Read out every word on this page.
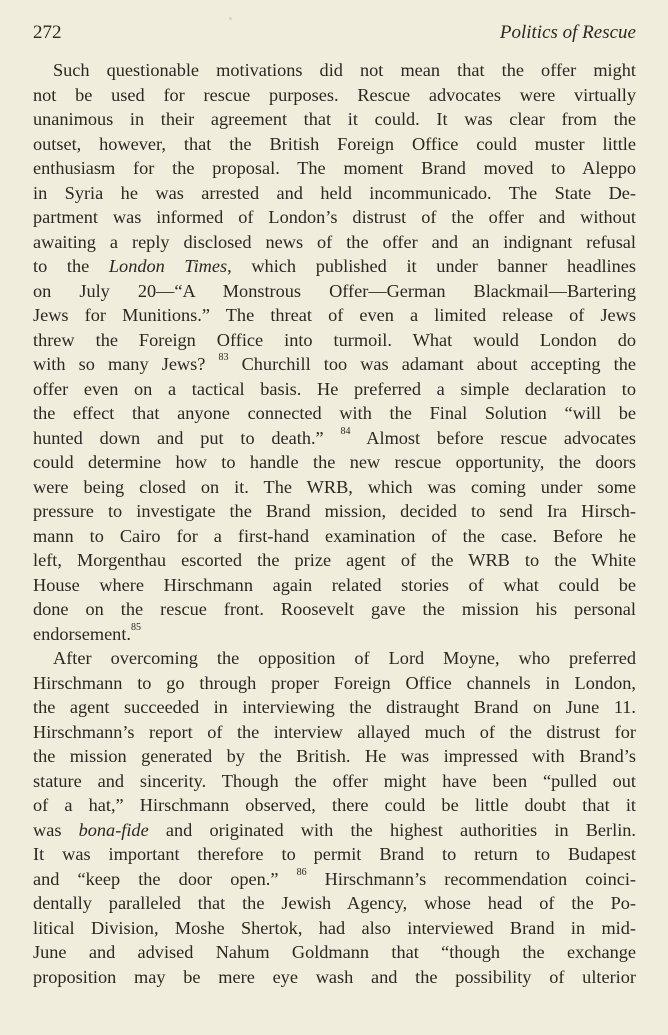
272	Politics of Rescue
Such questionable motivations did not mean that the offer might
not be used for rescue purposes. Rescue advocates were virtually
unanimous in their agreement that it could. It was clear from the
outset, however, that the British Foreign Office could muster little
enthusiasm for the proposal. The moment Brand moved to Aleppo
in Syria he was arrested and held incommunicado. The State De-
partment was informed of London’s distrust of the offer and without
awaiting a reply disclosed news of the offer and an indignant refusal
to the London Times, which published it under banner headlines
on July 20—“A Monstrous Offer—German Blackmail—Bartering
Jews for Munitions.” The threat of even a limited release of Jews
threw the Foreign Office into turmoil. What would London do
with so many Jews? $^{83}$ Churchill too was adamant about accepting the
offer even on a tactical basis. He preferred a simple declaration to
the effect that anyone connected with the Final Solution “will be
hunted down and put to death.” $^{84}$ Almost before rescue advocates
could determine how to handle the new rescue opportunity, the doors
were being closed on it. The WRB, which was coming under some
pressure to investigate the Brand mission, decided to send Ira Hirsch-
mann to Cairo for a first-hand examination of the case. Before he
left, Morgenthau escorted the prize agent of the WRB to the White
House where Hirschmann again related stories of what could be
done on the rescue front. Roosevelt gave the mission his personal
endorsement.$^{85}$
After overcoming the opposition of Lord Moyne, who preferred
Hirschmann to go through proper Foreign Office channels in London,
the agent succeeded in interviewing the distraught Brand on June 11.
Hirschmann’s report of the interview allayed much of the distrust for
the mission generated by the British. He was impressed with Brand’s
stature and sincerity. Though the offer might have been “pulled out
of a hat,” Hirschmann observed, there could be little doubt that it
was bona-fide and originated with the highest authorities in Berlin.
It was important therefore to permit Brand to return to Budapest
and “keep the door open.” $^{86}$ Hirschmann’s recommendation coinci-
dentally paralleled that the Jewish Agency, whose head of the Po-
litical Division, Moshe Shertok, had also interviewed Brand in mid-
June and advised Nahum Goldmann that “though the exchange
proposition may be mere eye wash and the possibility of ulterior
